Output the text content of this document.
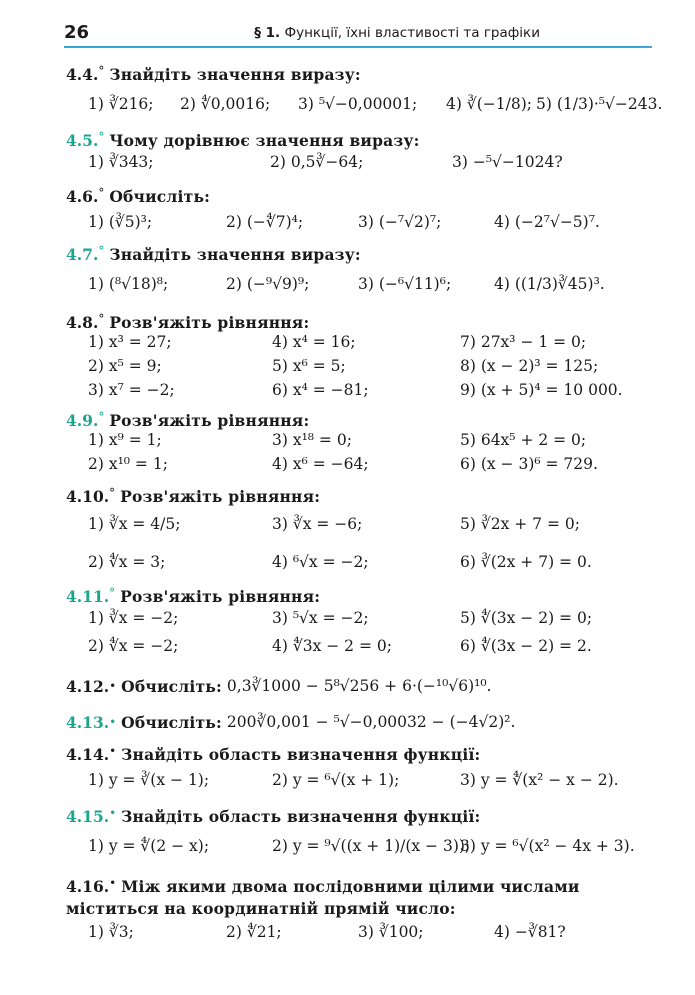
26	§ 1. Функції, їхні властивості та графіки
4.4.° Знайдіть значення виразу:
1) ∛216;	2) ∜0,0016;	3) ⁵√−0,00001;	4) ∛(−1/8); 5) (1/3)·⁵√−243.
4.5.° Чому дорівнює значення виразу:
1) ∛343;	2) 0,5∛−64;	3) −⁵√−1024?
4.6.° Обчисліть:
1) (∛5)³;	2) (−∜7)⁴;	3) (−⁷√2)⁷;	4) (−2⁷√−5)⁷.
4.7.° Знайдіть значення виразу:
1) (⁸√18)⁸;	2) (−⁹√9)⁹;	3) (−⁶√11)⁶;	4) ((1/3)∛45)³.
4.8.° Розв'яжіть рівняння:
1) x³ = 27;	4) x⁴ = 16;	7) 27x³ − 1 = 0;
2) x⁵ = 9;	5) x⁶ = 5;	8) (x − 2)³ = 125;
3) x⁷ = −2;	6) x⁴ = −81;	9) (x + 5)⁴ = 10 000.
4.9.° Розв'яжіть рівняння:
1) x⁹ = 1;	3) x¹⁸ = 0;	5) 64x⁵ + 2 = 0;
2) x¹⁰ = 1;	4) x⁶ = −64;	6) (x − 3)⁶ = 729.
4.10.° Розв'яжіть рівняння:
1) ∛x = 4/5;	3) ∛x = −6;	5) ∛2x + 7 = 0;
2) ∜x = 3;	4) ⁶√x = −2;	6) ∛(2x + 7) = 0.
4.11.° Розв'яжіть рівняння:
1) ∛x = −2;	3) ⁵√x = −2;	5) ∜(3x − 2) = 0;
2) ∜x = −2;	4) ∜3x − 2 = 0;	6) ∜(3x − 2) = 2.
4.12. •
Обчисліть:
0,3∛1000 − 5⁸√256 + 6·(−¹⁰√6)¹⁰.
4.13. •
Обчисліть:
200∛0,001 − ⁵√−0,00032 − (−4√2)².
4.14.• Знайдіть область визначення функції:
1) y = ∛(x − 1);	2) y = ⁶√(x + 1);	3) y = ∜(x² − x − 2).
4.15.• Знайдіть область визначення функції:
1) y = ∜(2 − x);	2) y = ⁹√((x + 1)/(x − 3));
3) y = ⁶√(x² − 4x + 3).
4.16.• Між якими двома послідовними цілими числами міститься на координатній прямій число:
1) ∛3;	2) ∜21;	3) ∛100;	4) −∛81?
